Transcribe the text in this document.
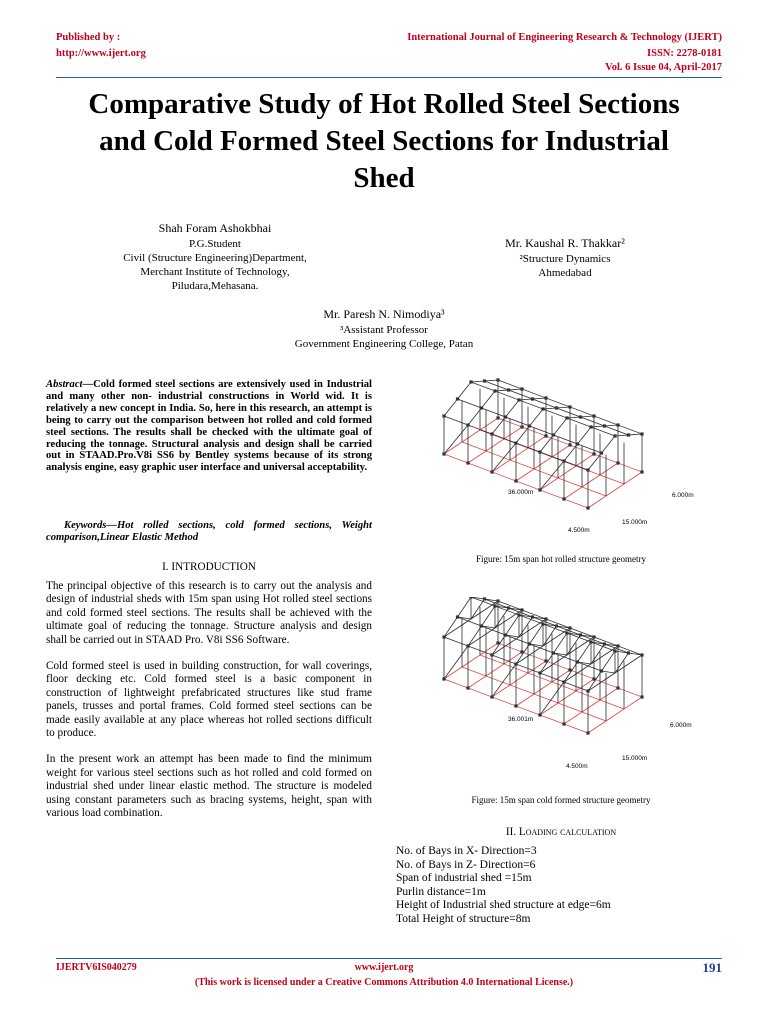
Published by :
http://www.ijert.org
International Journal of Engineering Research & Technology (IJERT)
ISSN: 2278-0181
Vol. 6 Issue 04, April-2017
Comparative Study of Hot Rolled Steel Sections
and Cold Formed Steel Sections for Industrial
Shed
Shah Foram Ashokbhai
P.G.Student
Civil (Structure Engineering)Department,
Merchant Institute of Technology,
Piludara,Mehasana.
Mr. Kaushal R. Thakkar²
²Structure Dynamics
Ahmedabad
Mr. Paresh N. Nimodiya³
³Assistant Professor
Government Engineering College, Patan
Abstract—Cold formed steel sections are extensively used in Industrial and many other non- industrial constructions in World wid. It is relatively a new concept in India. So, here in this research, an attempt is being to carry out the comparison between hot rolled and cold formed steel sections. The results shall be checked with the ultimate goal of reducing the tonnage. Structural analysis and design shall be carried out in STAAD.Pro.V8i SS6 by Bentley systems because of its strong analysis engine, easy graphic user interface and universal acceptability.
Keywords—Hot rolled sections, cold formed sections, Weight comparison,Linear Elastic Method
I. INTRODUCTION

The principal objective of this research is to carry out the analysis and design of industrial sheds with 15m span using Hot rolled steel sections and cold formed steel sections. The results shall be achieved with the ultimate goal of reducing the tonnage. Structure analysis and design shall be carried out in STAAD Pro. V8i SS6 Software.

Cold formed steel is used in building construction, for wall coverings, floor decking etc. Cold formed steel is a basic component in construction of lightweight prefabricated structures like stud frame panels, trusses and portal frames. Cold formed steel sections can be made easily available at any place whereas hot rolled sections difficult to produce.

In the present work an attempt has been made to find the minimum weight for various steel sections such as hot rolled and cold formed on industrial shed under linear elastic method. The structure is modeled using constant parameters such as bracing systems, height, span with various load combination.

36.000m	6.000m
4.500m
15.000m
Figure: 15m span hot rolled structure geometry
36.001m
6.000m
4.500m
15.000m
Figure: 15m span cold formed structure geometry
II. Loading calculation
No. of Bays in X- Direction=3
No. of Bays in Z- Direction=6
Span of industrial shed =15m
Purlin distance=1m
Height of Industrial shed structure at edge=6m
Total Height of structure=8m
IJERTV6IS040279	www.ijert.org	191
(This work is licensed under a Creative Commons Attribution 4.0 International License.)
